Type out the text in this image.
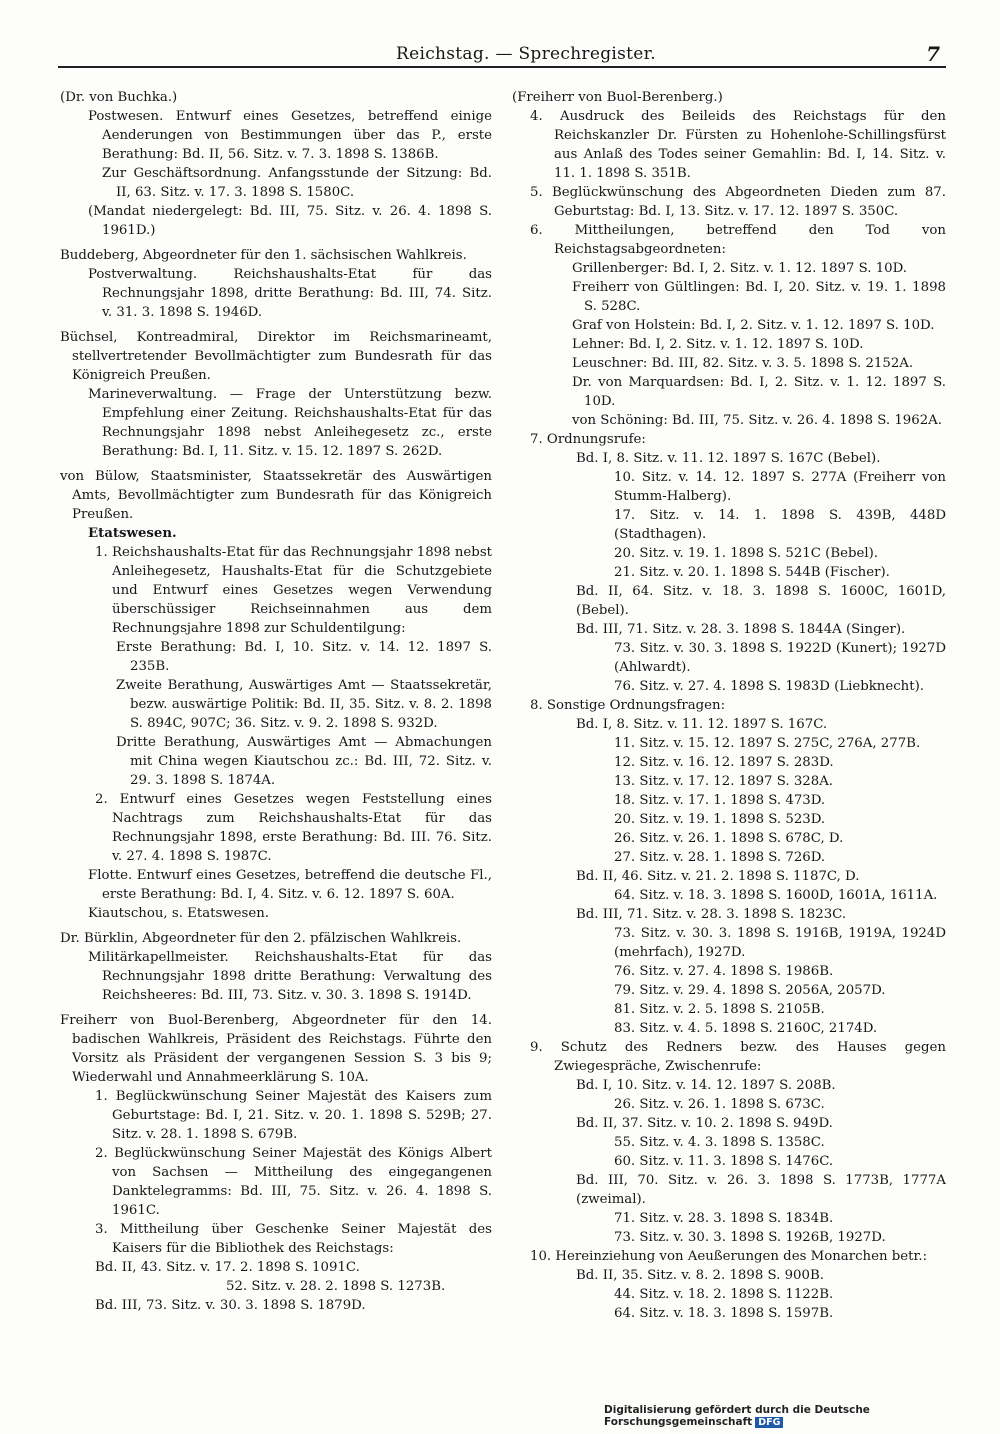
Reichstag. — Sprechregister.	7

(Dr. von Buchka.)

Postwesen. Entwurf eines Gesetzes, betreffend einige Aenderungen von Bestimmungen über das P., erste Berathung: Bd. II, 56. Sitz. v. 7. 3. 1898 S. 1386B.

Zur Geschäftsordnung. Anfangsstunde der Sitzung: Bd. II, 63. Sitz. v. 17. 3. 1898 S. 1580C.

(Mandat niedergelegt: Bd. III, 75. Sitz. v. 26. 4. 1898 S. 1961D.)

Buddeberg, Abgeordneter für den 1. sächsischen Wahlkreis.

Postverwaltung. Reichshaushalts-Etat für das Rechnungsjahr 1898, dritte Berathung: Bd. III, 74. Sitz. v. 31. 3. 1898 S. 1946D.

Büchsel, Kontreadmiral, Direktor im Reichsmarineamt, stellvertretender Bevollmächtigter zum Bundesrath für das Königreich Preußen.

Marineverwaltung. — Frage der Unterstützung bezw. Empfehlung einer Zeitung. Reichshaushalts-Etat für das Rechnungsjahr 1898 nebst Anleihegesetz zc., erste Berathung: Bd. I, 11. Sitz. v. 15. 12. 1897 S. 262D.

von Bülow, Staatsminister, Staatssekretär des Auswärtigen Amts, Bevollmächtigter zum Bundesrath für das Königreich Preußen.

Etatswesen.

1. Reichshaushalts-Etat für das Rechnungsjahr 1898 nebst Anleihegesetz, Haushalts-Etat für die Schutzgebiete und Entwurf eines Gesetzes wegen Verwendung überschüssiger Reichseinnahmen aus dem Rechnungsjahre 1898 zur Schuldentilgung:

Erste Berathung: Bd. I, 10. Sitz. v. 14. 12. 1897 S. 235B.

Zweite Berathung, Auswärtiges Amt — Staatssekretär, bezw. auswärtige Politik: Bd. II, 35. Sitz. v. 8. 2. 1898 S. 894C, 907C; 36. Sitz. v. 9. 2. 1898 S. 932D.

Dritte Berathung, Auswärtiges Amt — Abmachungen mit China wegen Kiautschou zc.: Bd. III, 72. Sitz. v. 29. 3. 1898 S. 1874A.

2. Entwurf eines Gesetzes wegen Feststellung eines Nachtrags zum Reichshaushalts-Etat für das Rechnungsjahr 1898, erste Berathung: Bd. III. 76. Sitz. v. 27. 4. 1898 S. 1987C.

Flotte. Entwurf eines Gesetzes, betreffend die deutsche Fl., erste Berathung: Bd. I, 4. Sitz. v. 6. 12. 1897 S. 60A.

Kiautschou, s. Etatswesen.

Dr. Bürklin, Abgeordneter für den 2. pfälzischen Wahlkreis.

Militärkapellmeister. Reichshaushalts-Etat für das Rechnungsjahr 1898 dritte Berathung: Verwaltung des Reichsheeres: Bd. III, 73. Sitz. v. 30. 3. 1898 S. 1914D.

Freiherr von Buol-Berenberg, Abgeordneter für den 14. badischen Wahlkreis, Präsident des Reichstags. Führte den Vorsitz als Präsident der vergangenen Session S. 3 bis 9; Wiederwahl und Annahmeerklärung S. 10A.

1. Beglückwünschung Seiner Majestät des Kaisers zum Geburtstage: Bd. I, 21. Sitz. v. 20. 1. 1898 S. 529B; 27. Sitz. v. 28. 1. 1898 S. 679B.

2. Beglückwünschung Seiner Majestät des Königs Albert von Sachsen — Mittheilung des eingegangenen Danktelegramms: Bd. III, 75. Sitz. v. 26. 4. 1898 S. 1961C.

3. Mittheilung über Geschenke Seiner Majestät des Kaisers für die Bibliothek des Reichstags:

Bd. II, 43. Sitz. v. 17. 2. 1898 S. 1091C.

52. Sitz. v. 28. 2. 1898 S. 1273B.

Bd. III, 73. Sitz. v. 30. 3. 1898 S. 1879D.

(Freiherr von Buol-Berenberg.)

4. Ausdruck des Beileids des Reichstags für den Reichskanzler Dr. Fürsten zu Hohenlohe-Schillingsfürst aus Anlaß des Todes seiner Gemahlin: Bd. I, 14. Sitz. v. 11. 1. 1898 S. 351B.

5. Beglückwünschung des Abgeordneten Dieden zum 87. Geburtstag: Bd. I, 13. Sitz. v. 17. 12. 1897 S. 350C.

6. Mittheilungen, betreffend den Tod von Reichstagsabgeordneten:

Grillenberger: Bd. I, 2. Sitz. v. 1. 12. 1897 S. 10D.

Freiherr von Gültlingen: Bd. I, 20. Sitz. v. 19. 1. 1898 S. 528C.

Graf von Holstein: Bd. I, 2. Sitz. v. 1. 12. 1897 S. 10D.

Lehner: Bd. I, 2. Sitz. v. 1. 12. 1897 S. 10D.

Leuschner: Bd. III, 82. Sitz. v. 3. 5. 1898 S. 2152A.

Dr. von Marquardsen: Bd. I, 2. Sitz. v. 1. 12. 1897 S. 10D.

von Schöning: Bd. III, 75. Sitz. v. 26. 4. 1898 S. 1962A.

7. Ordnungsrufe:

Bd. I, 8. Sitz. v. 11. 12. 1897 S. 167C (Bebel).

10. Sitz. v. 14. 12. 1897 S. 277A (Freiherr von Stumm-Halberg).

17. Sitz. v. 14. 1. 1898 S. 439B, 448D (Stadthagen).

20. Sitz. v. 19. 1. 1898 S. 521C (Bebel).

21. Sitz. v. 20. 1. 1898 S. 544B (Fischer).

Bd. II, 64. Sitz. v. 18. 3. 1898 S. 1600C, 1601D, (Bebel).

Bd. III, 71. Sitz. v. 28. 3. 1898 S. 1844A (Singer).

73. Sitz. v. 30. 3. 1898 S. 1922D (Kunert); 1927D (Ahlwardt).

76. Sitz. v. 27. 4. 1898 S. 1983D (Liebknecht).

8. Sonstige Ordnungsfragen:

Bd. I, 8. Sitz. v. 11. 12. 1897 S. 167C.

11. Sitz. v. 15. 12. 1897 S. 275C, 276A, 277B.

12. Sitz. v. 16. 12. 1897 S. 283D.

13. Sitz. v. 17. 12. 1897 S. 328A.

18. Sitz. v. 17. 1. 1898 S. 473D.

20. Sitz. v. 19. 1. 1898 S. 523D.

26. Sitz. v. 26. 1. 1898 S. 678C, D.

27. Sitz. v. 28. 1. 1898 S. 726D.

Bd. II, 46. Sitz. v. 21. 2. 1898 S. 1187C, D.

64. Sitz. v. 18. 3. 1898 S. 1600D, 1601A, 1611A.

Bd. III, 71. Sitz. v. 28. 3. 1898 S. 1823C.

73. Sitz. v. 30. 3. 1898 S. 1916B, 1919A, 1924D (mehrfach), 1927D.

76. Sitz. v. 27. 4. 1898 S. 1986B.

79. Sitz. v. 29. 4. 1898 S. 2056A, 2057D.

81. Sitz. v. 2. 5. 1898 S. 2105B.

83. Sitz. v. 4. 5. 1898 S. 2160C, 2174D.

9. Schutz des Redners bezw. des Hauses gegen Zwiegespräche, Zwischenrufe:

Bd. I, 10. Sitz. v. 14. 12. 1897 S. 208B.

26. Sitz. v. 26. 1. 1898 S. 673C.

Bd. II, 37. Sitz. v. 10. 2. 1898 S. 949D.

55. Sitz. v. 4. 3. 1898 S. 1358C.

60. Sitz. v. 11. 3. 1898 S. 1476C.

Bd. III, 70. Sitz. v. 26. 3. 1898 S. 1773B, 1777A (zweimal).

71. Sitz. v. 28. 3. 1898 S. 1834B.

73. Sitz. v. 30. 3. 1898 S. 1926B, 1927D.

10. Hereinziehung von Aeußerungen des Monarchen betr.:

Bd. II, 35. Sitz. v. 8. 2. 1898 S. 900B.

44. Sitz. v. 18. 2. 1898 S. 1122B.

64. Sitz. v. 18. 3. 1898 S. 1597B.

Digitalisierung gefördert durch die Deutsche Forschungsgemeinschaft DFG
